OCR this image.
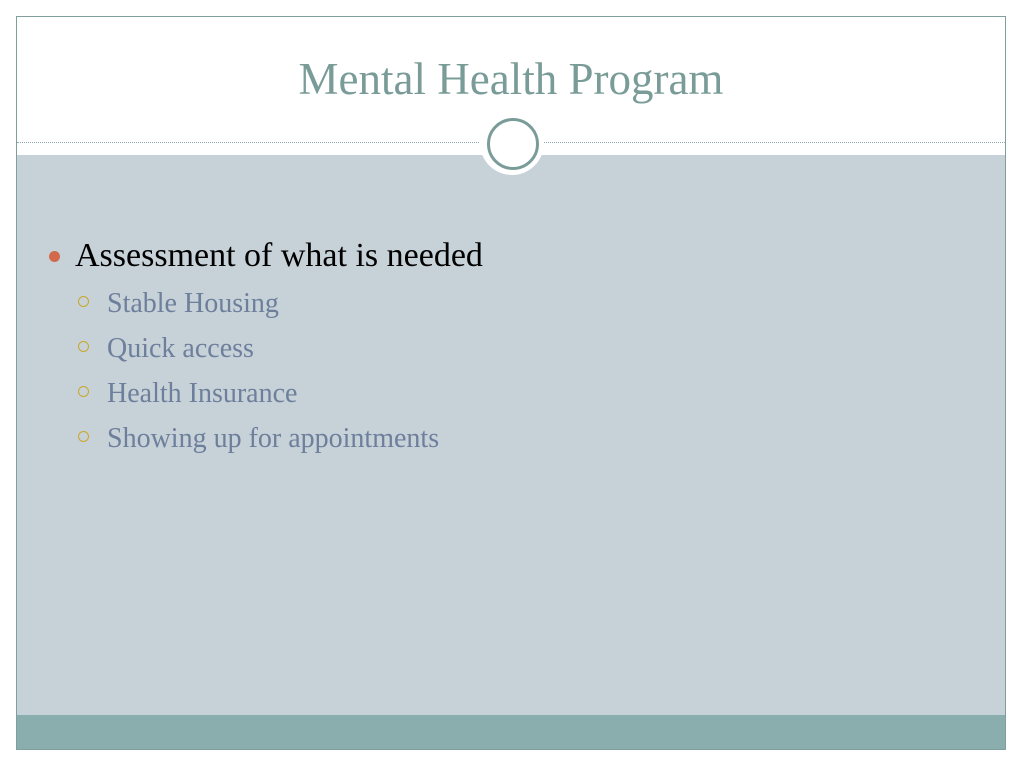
Mental Health Program
Assessment of what is needed
Stable Housing
Quick access
Health Insurance
Showing up for appointments
